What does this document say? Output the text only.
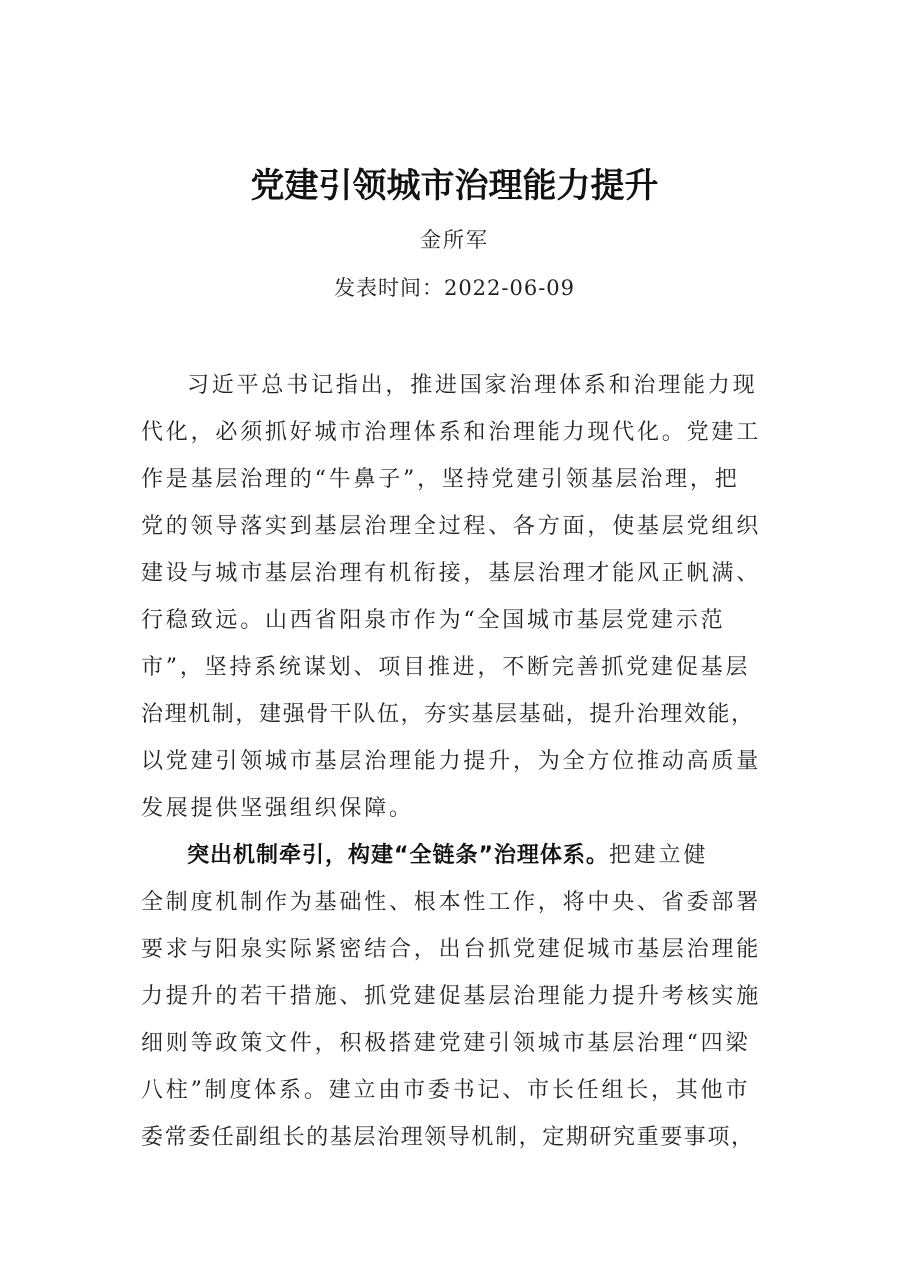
党建引领城市治理能力提升
金所军
发表时间：2022-06-09
习近平总书记指出，推进国家治理体系和治理能力现
代化，必须抓好城市治理体系和治理能力现代化。党建工
作是基层治理的“牛鼻子”，坚持党建引领基层治理，把
党的领导落实到基层治理全过程、各方面，使基层党组织
建设与城市基层治理有机衔接，基层治理才能风正帆满、
行稳致远。山西省阳泉市作为“全国城市基层党建示范
市”，坚持系统谋划、项目推进，不断完善抓党建促基层
治理机制，建强骨干队伍，夯实基层基础，提升治理效能，
以党建引领城市基层治理能力提升，为全方位推动高质量
发展提供坚强组织保障。
突出机制牵引，构建“全链条”治理体系。把建立健
全制度机制作为基础性、根本性工作，将中央、省委部署
要求与阳泉实际紧密结合，出台抓党建促城市基层治理能
力提升的若干措施、抓党建促基层治理能力提升考核实施
细则等政策文件，积极搭建党建引领城市基层治理“四梁
八柱”制度体系。建立由市委书记、市长任组长，其他市
委常委任副组长的基层治理领导机制，定期研究重要事项，
